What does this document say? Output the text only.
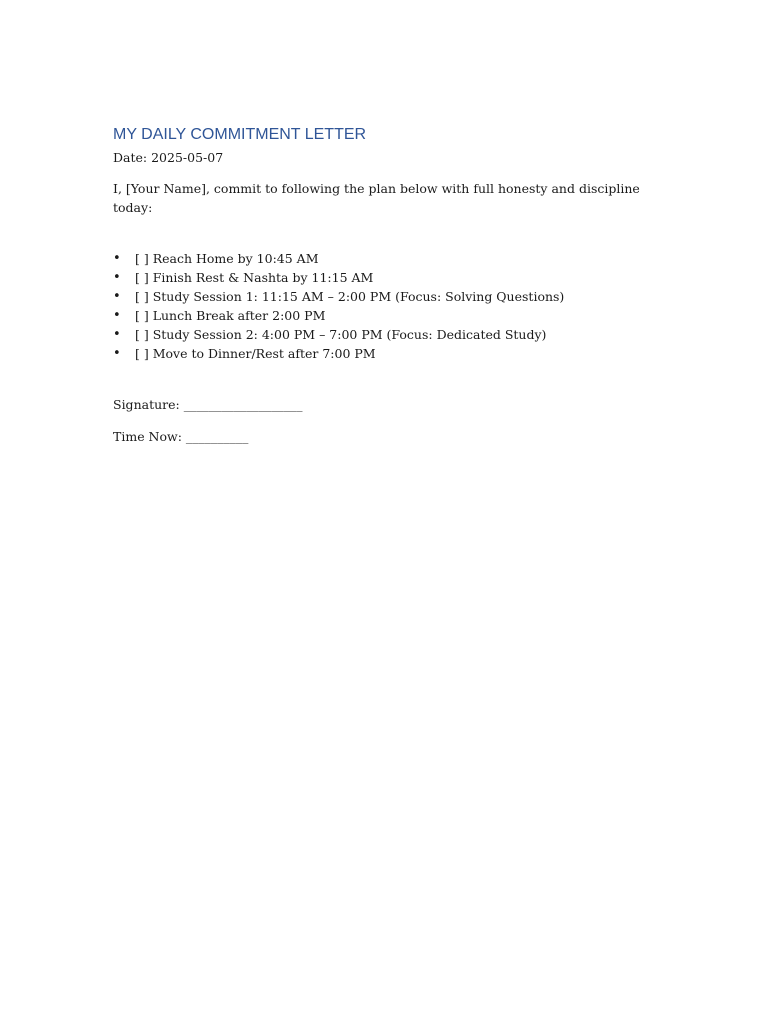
MY DAILY COMMITMENT LETTER

Date: 2025-05-07

I, [Your Name], commit to following the plan below with full honesty and discipline today:

• [ ] Reach Home by 10:45 AM
• [ ] Finish Rest & Nashta by 11:15 AM
• [ ] Study Session 1: 11:15 AM – 2:00 PM (Focus: Solving Questions)
• [ ] Lunch Break after 2:00 PM
• [ ] Study Session 2: 4:00 PM – 7:00 PM (Focus: Dedicated Study)
• [ ] Move to Dinner/Rest after 7:00 PM

Signature: ___________________

Time Now: __________
